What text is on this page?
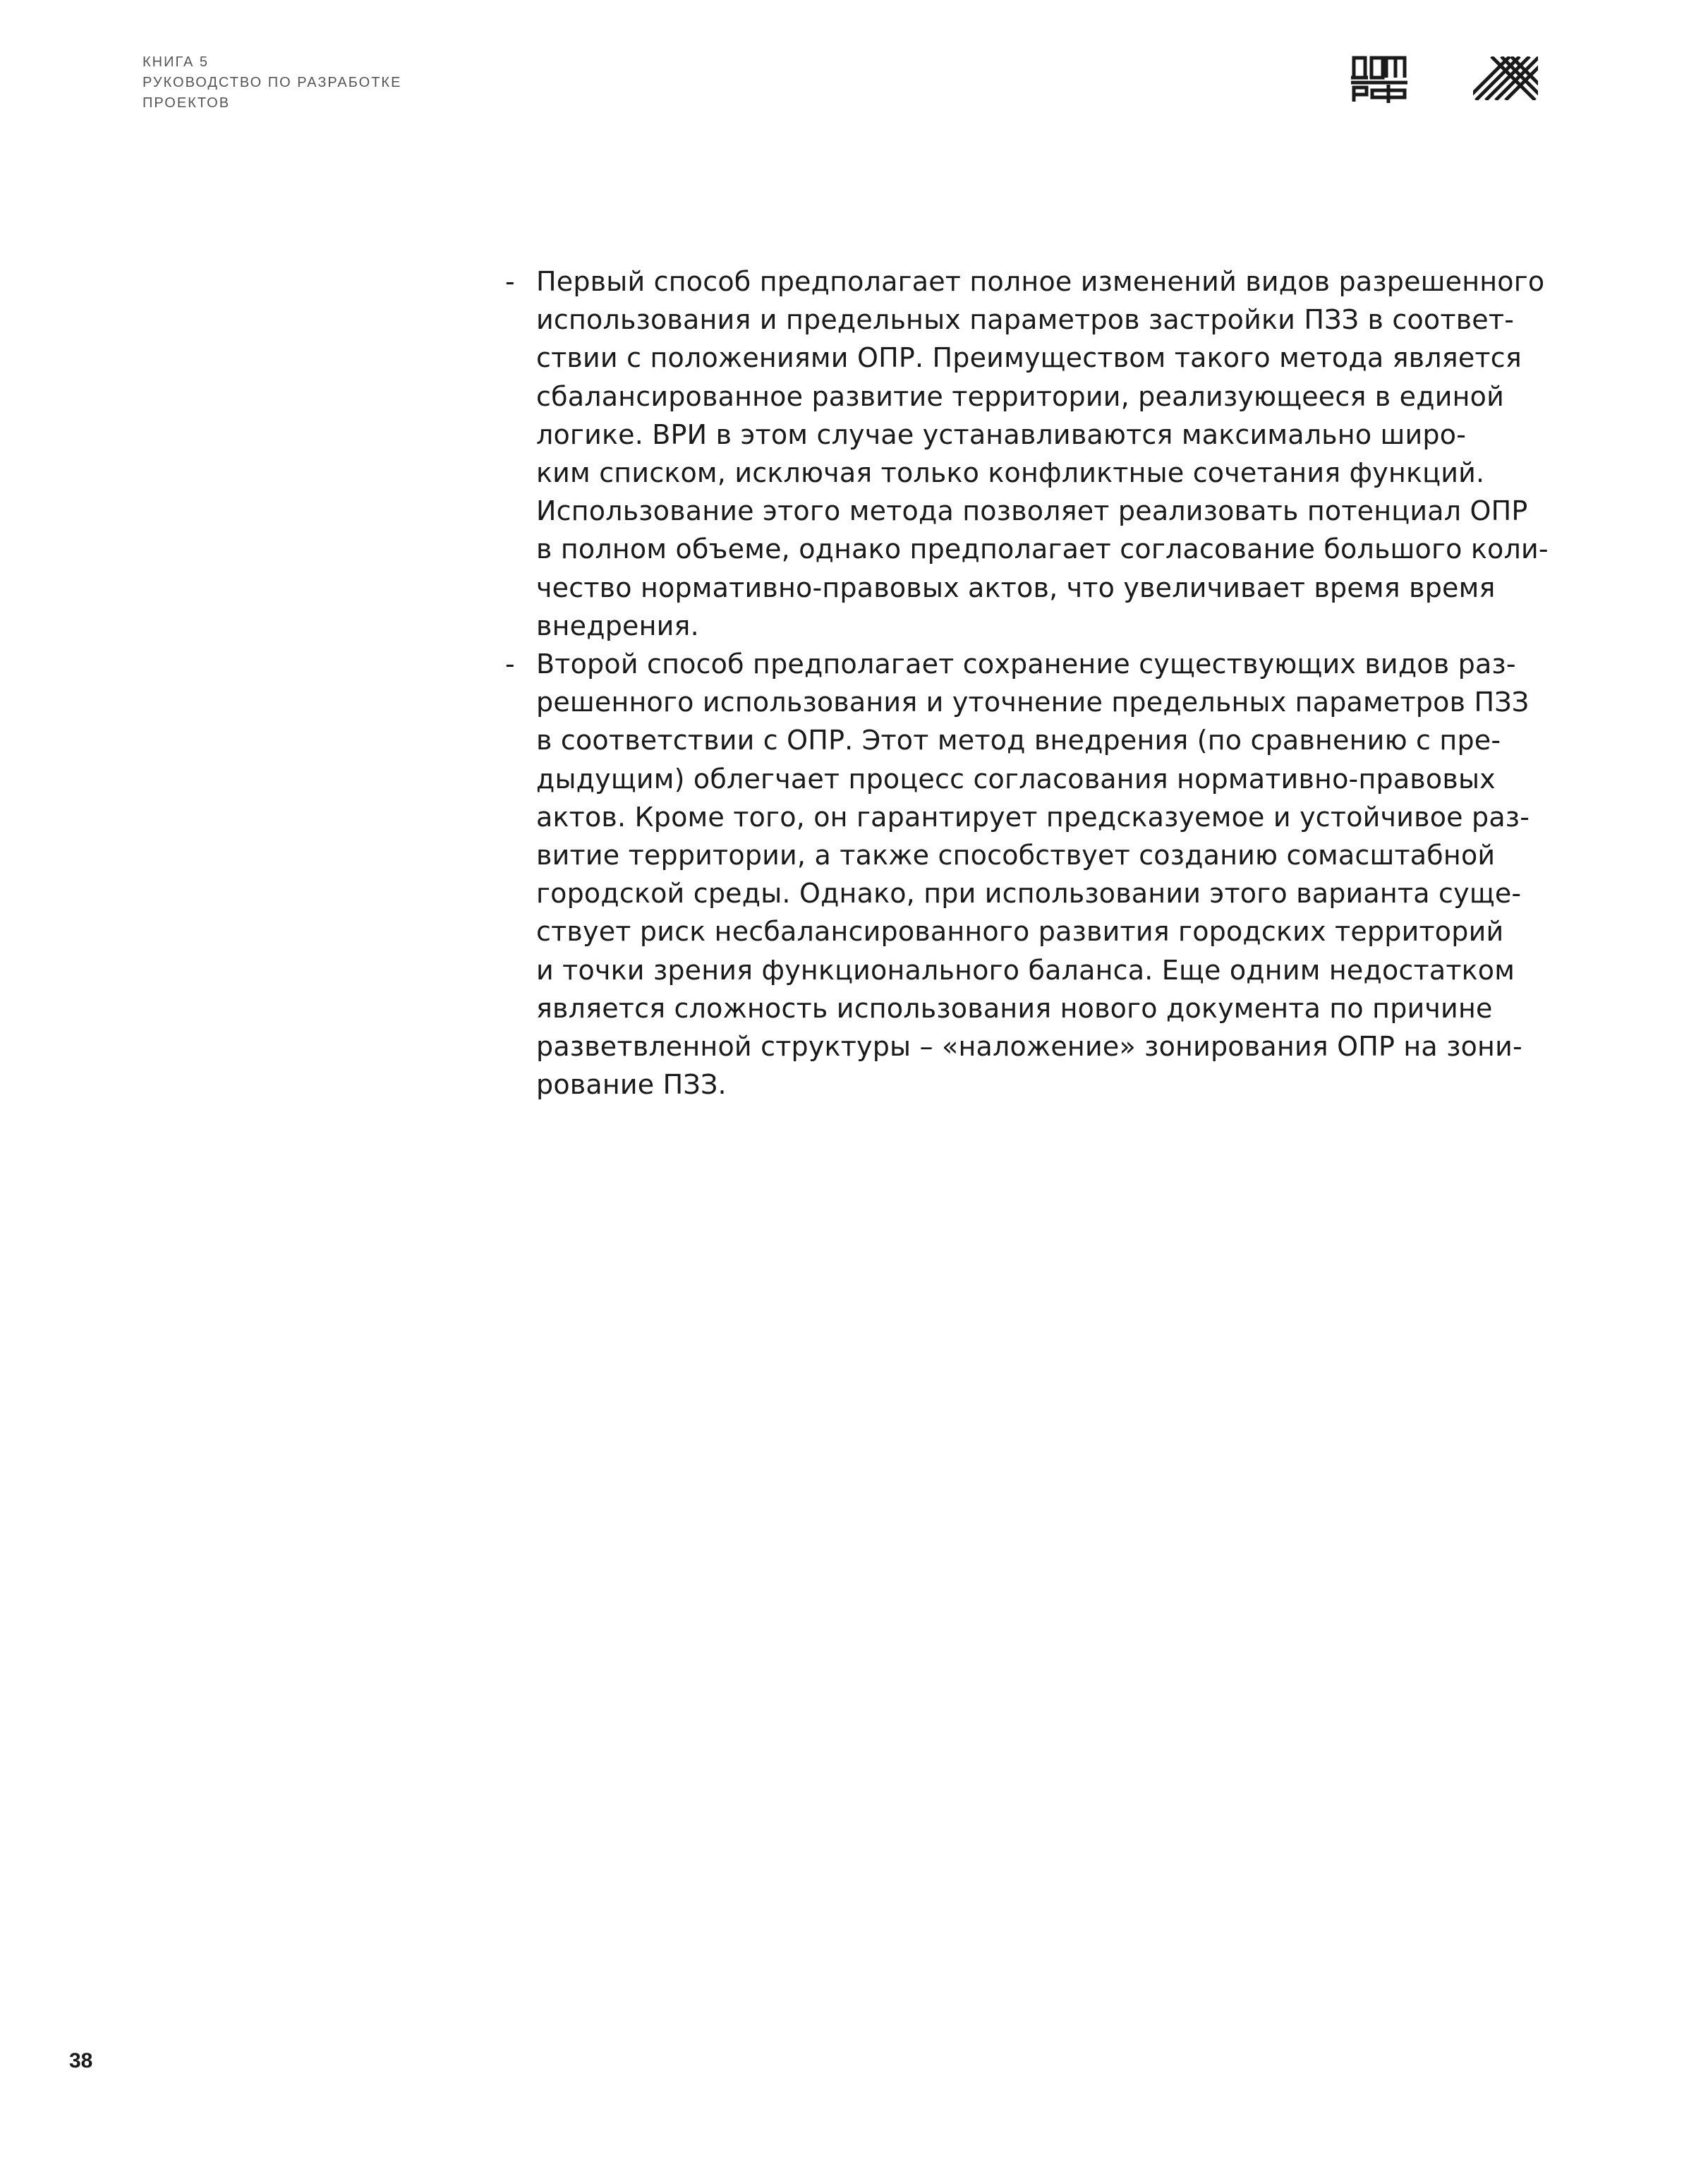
КНИГА 5
РУКОВОДСТВО ПО РАЗРАБОТКЕ
ПРОЕКТОВ
- Первый способ предполагает полное изменений видов разрешенного
использования и предельных параметров застройки ПЗЗ в соответ-
ствии с положениями ОПР. Преимуществом такого метода является
сбалансированное развитие территории, реализующееся в единой
логике. ВРИ в этом случае устанавливаются максимально широ-
ким списком, исключая только конфликтные сочетания функций.
Использование этого метода позволяет реализовать потенциал ОПР
в полном объеме, однако предполагает согласование большого коли-
чество нормативно-правовых актов, что увеличивает время время
внедрения.
- Второй способ предполагает сохранение существующих видов раз-
решенного использования и уточнение предельных параметров ПЗЗ
в соответствии с ОПР. Этот метод внедрения (по сравнению с пре-
дыдущим) облегчает процесс согласования нормативно-правовых
актов. Кроме того, он гарантирует предсказуемое и устойчивое раз-
витие территории, а также способствует созданию сомасштабной
городской среды. Однако, при использовании этого варианта суще-
ствует риск несбалансированного развития городских территорий
и точки зрения функционального баланса. Еще одним недостатком
является сложность использования нового документа по причине
разветвленной структуры – «наложение» зонирования ОПР на зони-
рование ПЗЗ.
38
